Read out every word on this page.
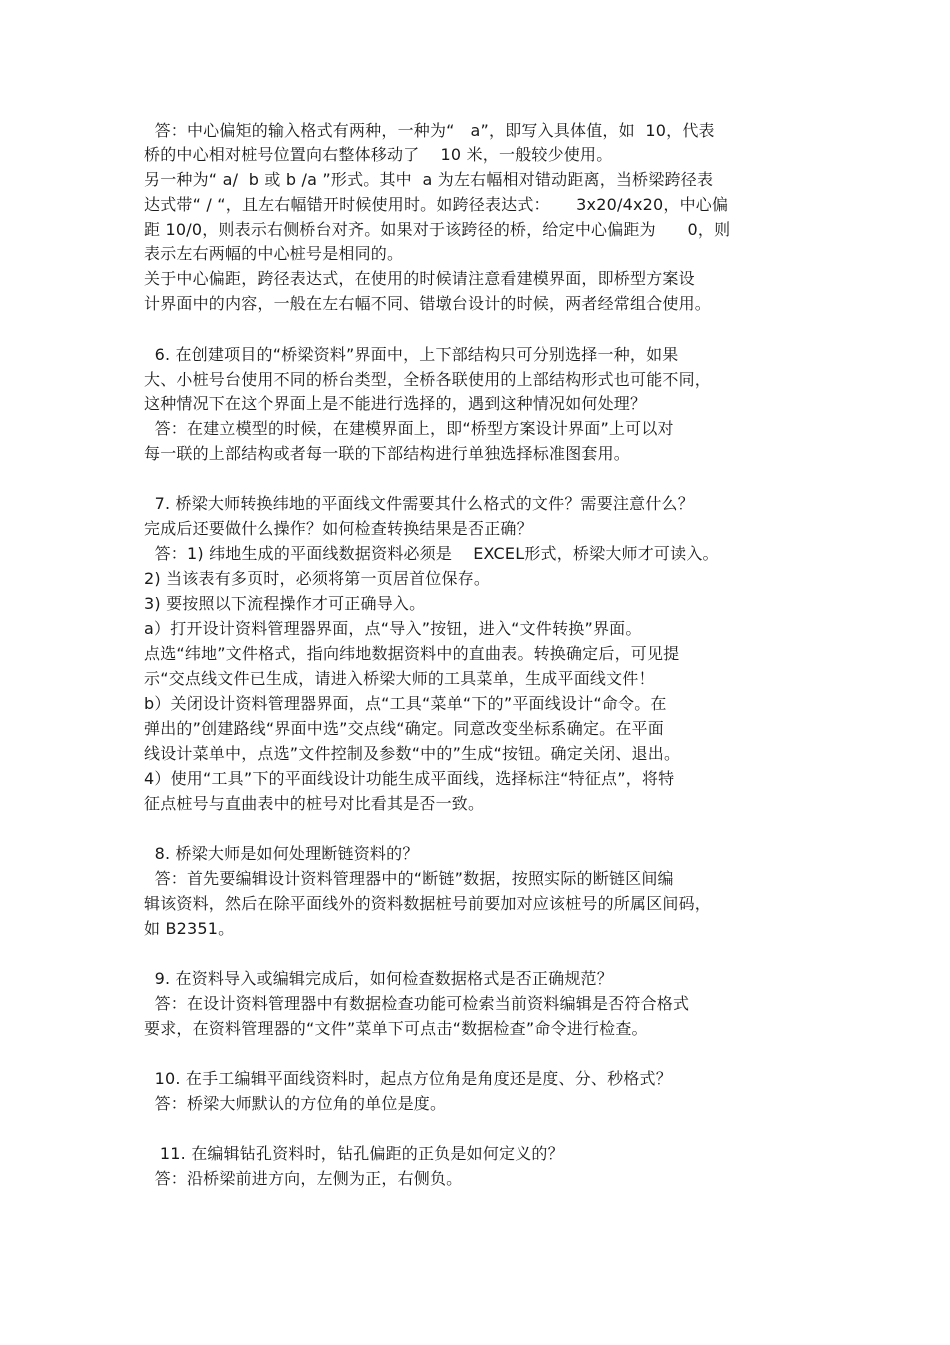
答：中心偏矩的输入格式有两种，一种为“   a”，即写入具体值，如  10，代表

桥的中心相对桩号位置向右整体移动了    10 米，一般较少使用。

另一种为“ a/  b 或 b /a ”形式。其中  a 为左右幅相对错动距离，当桥梁跨径表

达式带“ / “，且左右幅错开时候使用时。如跨径表达式：     3x20/4x20，中心偏

距 10/0，则表示右侧桥台对齐。如果对于该跨径的桥，给定中心偏距为      0，则

表示左右两幅的中心桩号是相同的。

关于中心偏距，跨径表达式，在使用的时候请注意看建模界面，即桥型方案设

计界面中的内容，一般在左右幅不同、错墩台设计的时候，两者经常组合使用。

6. 在创建项目的“桥梁资料”界面中，上下部结构只可分别选择一种，如果

大、小桩号台使用不同的桥台类型，全桥各联使用的上部结构形式也可能不同，

这种情况下在这个界面上是不能进行选择的，遇到这种情况如何处理？

答：在建立模型的时候，在建模界面上，即“桥型方案设计界面”上可以对

每一联的上部结构或者每一联的下部结构进行单独选择标准图套用。

7. 桥梁大师转换纬地的平面线文件需要其什么格式的文件？需要注意什么？

完成后还要做什么操作？如何检查转换结果是否正确？

答：1) 纬地生成的平面线数据资料必须是    EXCEL形式，桥梁大师才可读入。

2) 当该表有多页时，必须将第一页居首位保存。

3) 要按照以下流程操作才可正确导入。

a）打开设计资料管理器界面，点“导入”按钮，进入“文件转换”界面。

点选“纬地”文件格式，指向纬地数据资料中的直曲表。转换确定后，可见提

示“交点线文件已生成，请进入桥梁大师的工具菜单，生成平面线文件！

b）关闭设计资料管理器界面，点“工具“菜单“下的”平面线设计“命令。在

弹出的”创建路线“界面中选”交点线“确定。同意改变坐标系确定。在平面

线设计菜单中，点选”文件控制及参数“中的”生成“按钮。确定关闭、退出。

4）使用“工具”下的平面线设计功能生成平面线，选择标注“特征点”，将特

征点桩号与直曲表中的桩号对比看其是否一致。

8. 桥梁大师是如何处理断链资料的？

答：首先要编辑设计资料管理器中的“断链”数据，按照实际的断链区间编

辑该资料，然后在除平面线外的资料数据桩号前要加对应该桩号的所属区间码，

如 B2351。

9. 在资料导入或编辑完成后，如何检查数据格式是否正确规范？

答：在设计资料管理器中有数据检查功能可检索当前资料编辑是否符合格式

要求，在资料管理器的“文件”菜单下可点击“数据检查”命令进行检查。

10. 在手工编辑平面线资料时，起点方位角是角度还是度、分、秒格式？

答：桥梁大师默认的方位角的单位是度。

11. 在编辑钻孔资料时，钻孔偏距的正负是如何定义的？

答：沿桥梁前进方向，左侧为正，右侧负。
